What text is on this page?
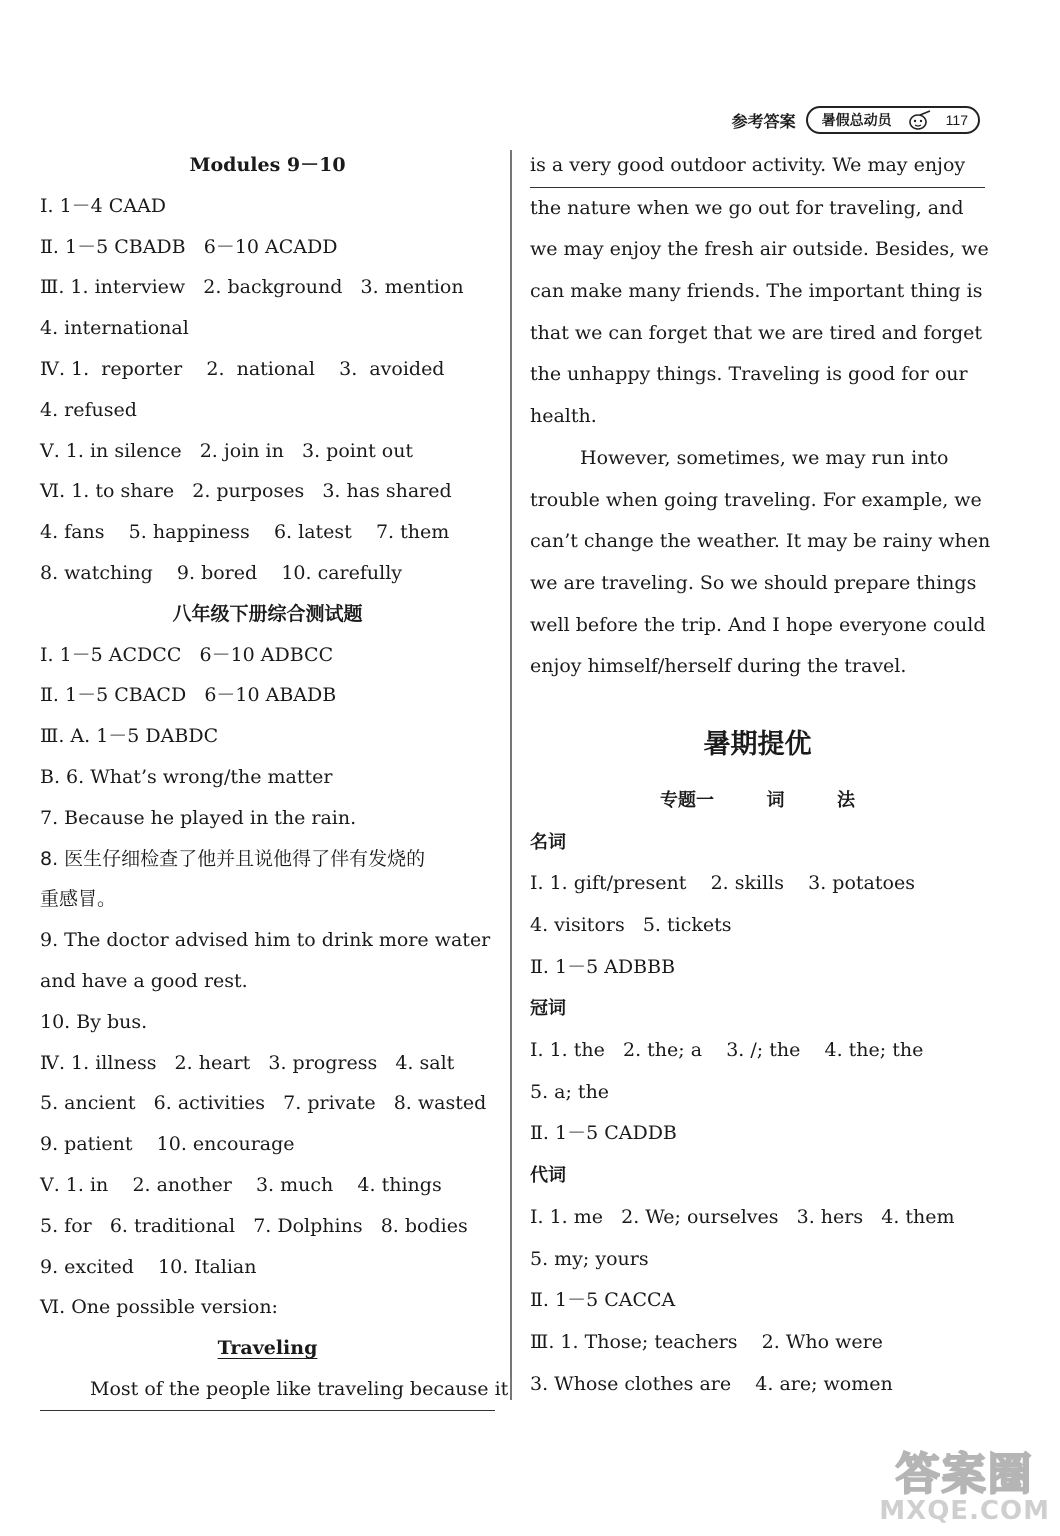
参考答案 暑假总动员	117
Modules 9－10
Ⅰ. 1－4 CAAD
Ⅱ. 1－5 CBADB   6－10 ACADD
Ⅲ. 1. interview   2. background   3. mention
4. international
Ⅳ. 1.  reporter    2.  national    3.  avoided
4. refused
Ⅴ. 1. in silence   2. join in   3. point out
Ⅵ. 1. to share   2. purposes   3. has shared
4. fans    5. happiness    6. latest    7. them
8. watching    9. bored    10. carefully
八年级下册综合测试题
Ⅰ. 1－5 ACDCC   6－10 ADBCC
Ⅱ. 1－5 CBACD   6－10 ABADB
Ⅲ. A. 1－5 DABDC
B. 6. What’s wrong/the matter
7. Because he played in the rain.
8. 医生仔细检查了他并且说他得了伴有发烧的
重感冒。
9. The doctor advised him to drink more water
and have a good rest.
10. By bus.
Ⅳ. 1. illness   2. heart   3. progress   4. salt
5. ancient   6. activities   7. private   8. wasted
9. patient    10. encourage
Ⅴ. 1. in    2. another    3. much    4. things
5. for   6. traditional   7. Dolphins   8. bodies
9. excited    10. Italian
Ⅵ. One possible version:
Traveling
Most of the people like traveling because it
is a very good outdoor activity. We may enjoy
the nature when we go out for traveling, and
we may enjoy the fresh air outside. Besides, we
can make many friends. The important thing is
that we can forget that we are tired and forget
the unhappy things. Traveling is good for our
health.
However, sometimes, we may run into
trouble when going traveling. For example, we
can’t change the weather. It may be rainy when
we are traveling. So we should prepare things
well before the trip. And I hope everyone could
enjoy himself/herself during the travel.
暑期提优
专题一  词  法
名词
Ⅰ. 1. gift/present    2. skills    3. potatoes
4. visitors   5. tickets
Ⅱ. 1－5 ADBBB
冠词
Ⅰ. 1. the   2. the; a    3. /; the    4. the; the
5. a; the
Ⅱ. 1－5 CADDB
代词
Ⅰ. 1. me   2. We; ourselves   3. hers   4. them
5. my; yours
Ⅱ. 1－5 CACCA
Ⅲ. 1. Those; teachers    2. Who were
3. Whose clothes are    4. are; women
答案圈
MXQE.COM
